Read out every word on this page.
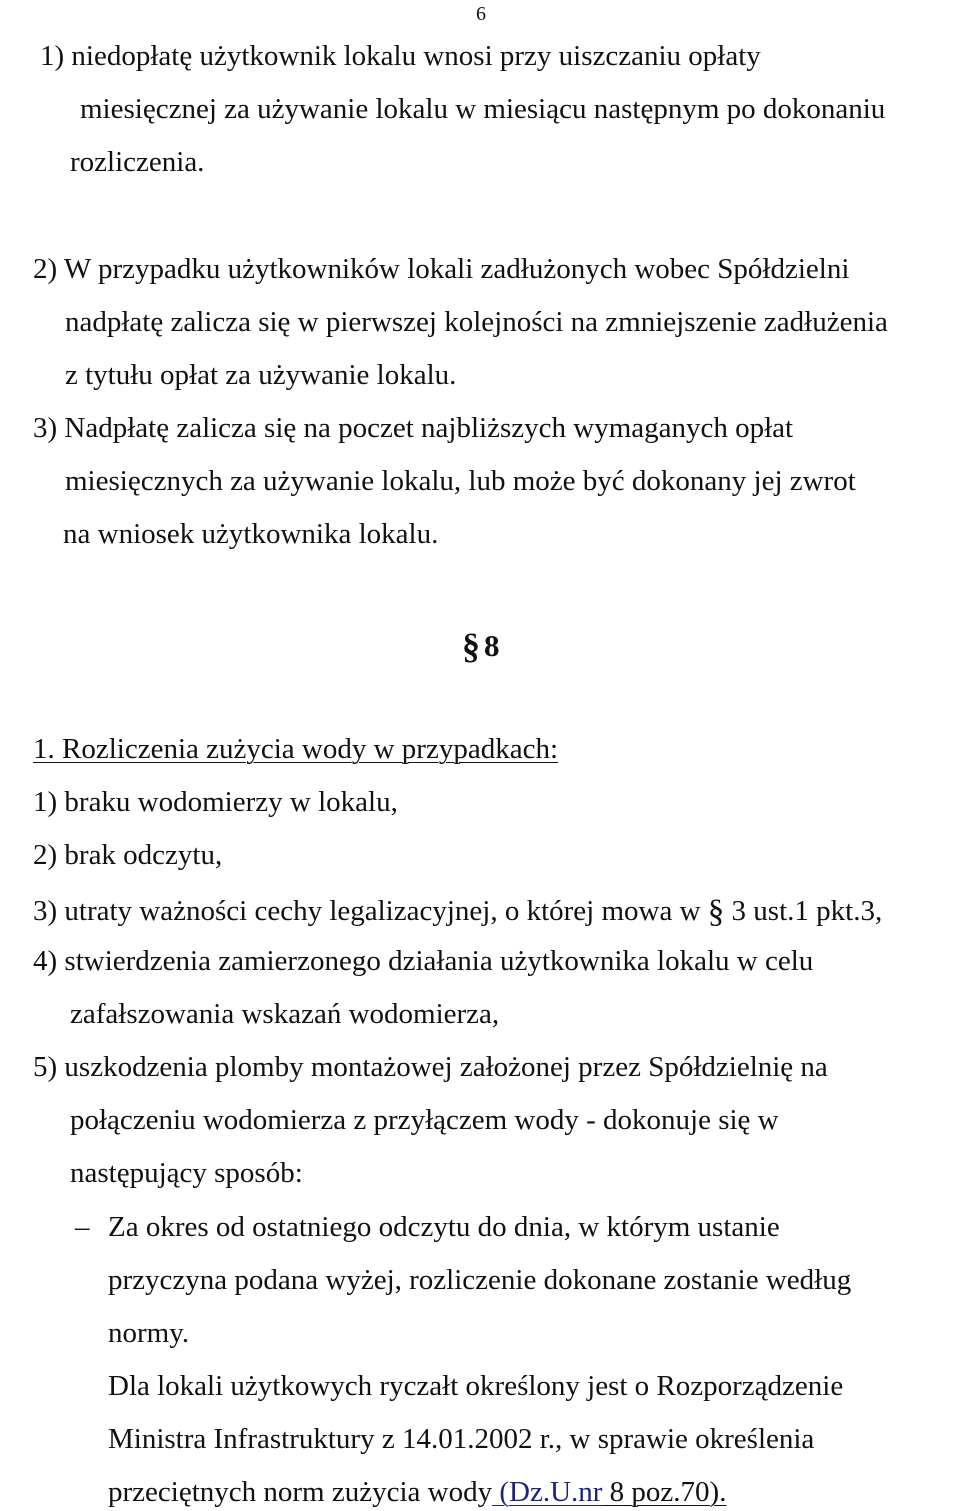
6
1) niedopłatę użytkownik lokalu wnosi przy uiszczaniu opłaty
miesięcznej za używanie lokalu w miesiącu następnym po dokonaniu
rozliczenia.
2) W przypadku użytkowników lokali zadłużonych wobec Spółdzielni
nadpłatę zalicza się w pierwszej kolejności na zmniejszenie zadłużenia
z tytułu opłat za używanie lokalu.
3) Nadpłatę zalicza się na poczet najbliższych wymaganych opłat
miesięcznych za używanie lokalu, lub może być dokonany jej zwrot
na wniosek użytkownika lokalu.
§ 8
1. Rozliczenia zużycia wody w przypadkach:
1) braku wodomierzy w lokalu,
2) brak odczytu,
3) utraty ważności cechy legalizacyjnej, o której mowa w § 3 ust.1 pkt.3,
4) stwierdzenia zamierzonego działania użytkownika lokalu w celu
zafałszowania wskazań wodomierza,
5) uszkodzenia plomby montażowej założonej przez Spółdzielnię na
połączeniu wodomierza z przyłączem wody - dokonuje się w
następujący sposób:
– Za okres od ostatniego odczytu do dnia, w którym ustanie
przyczyna podana wyżej, rozliczenie dokonane zostanie według
normy.
Dla lokali użytkowych ryczałt określony jest o Rozporządzenie
Ministra Infrastruktury z 14.01.2002 r., w sprawie określenia
przeciętnych norm zużycia wody (Dz.U.nr 8 poz.70).
